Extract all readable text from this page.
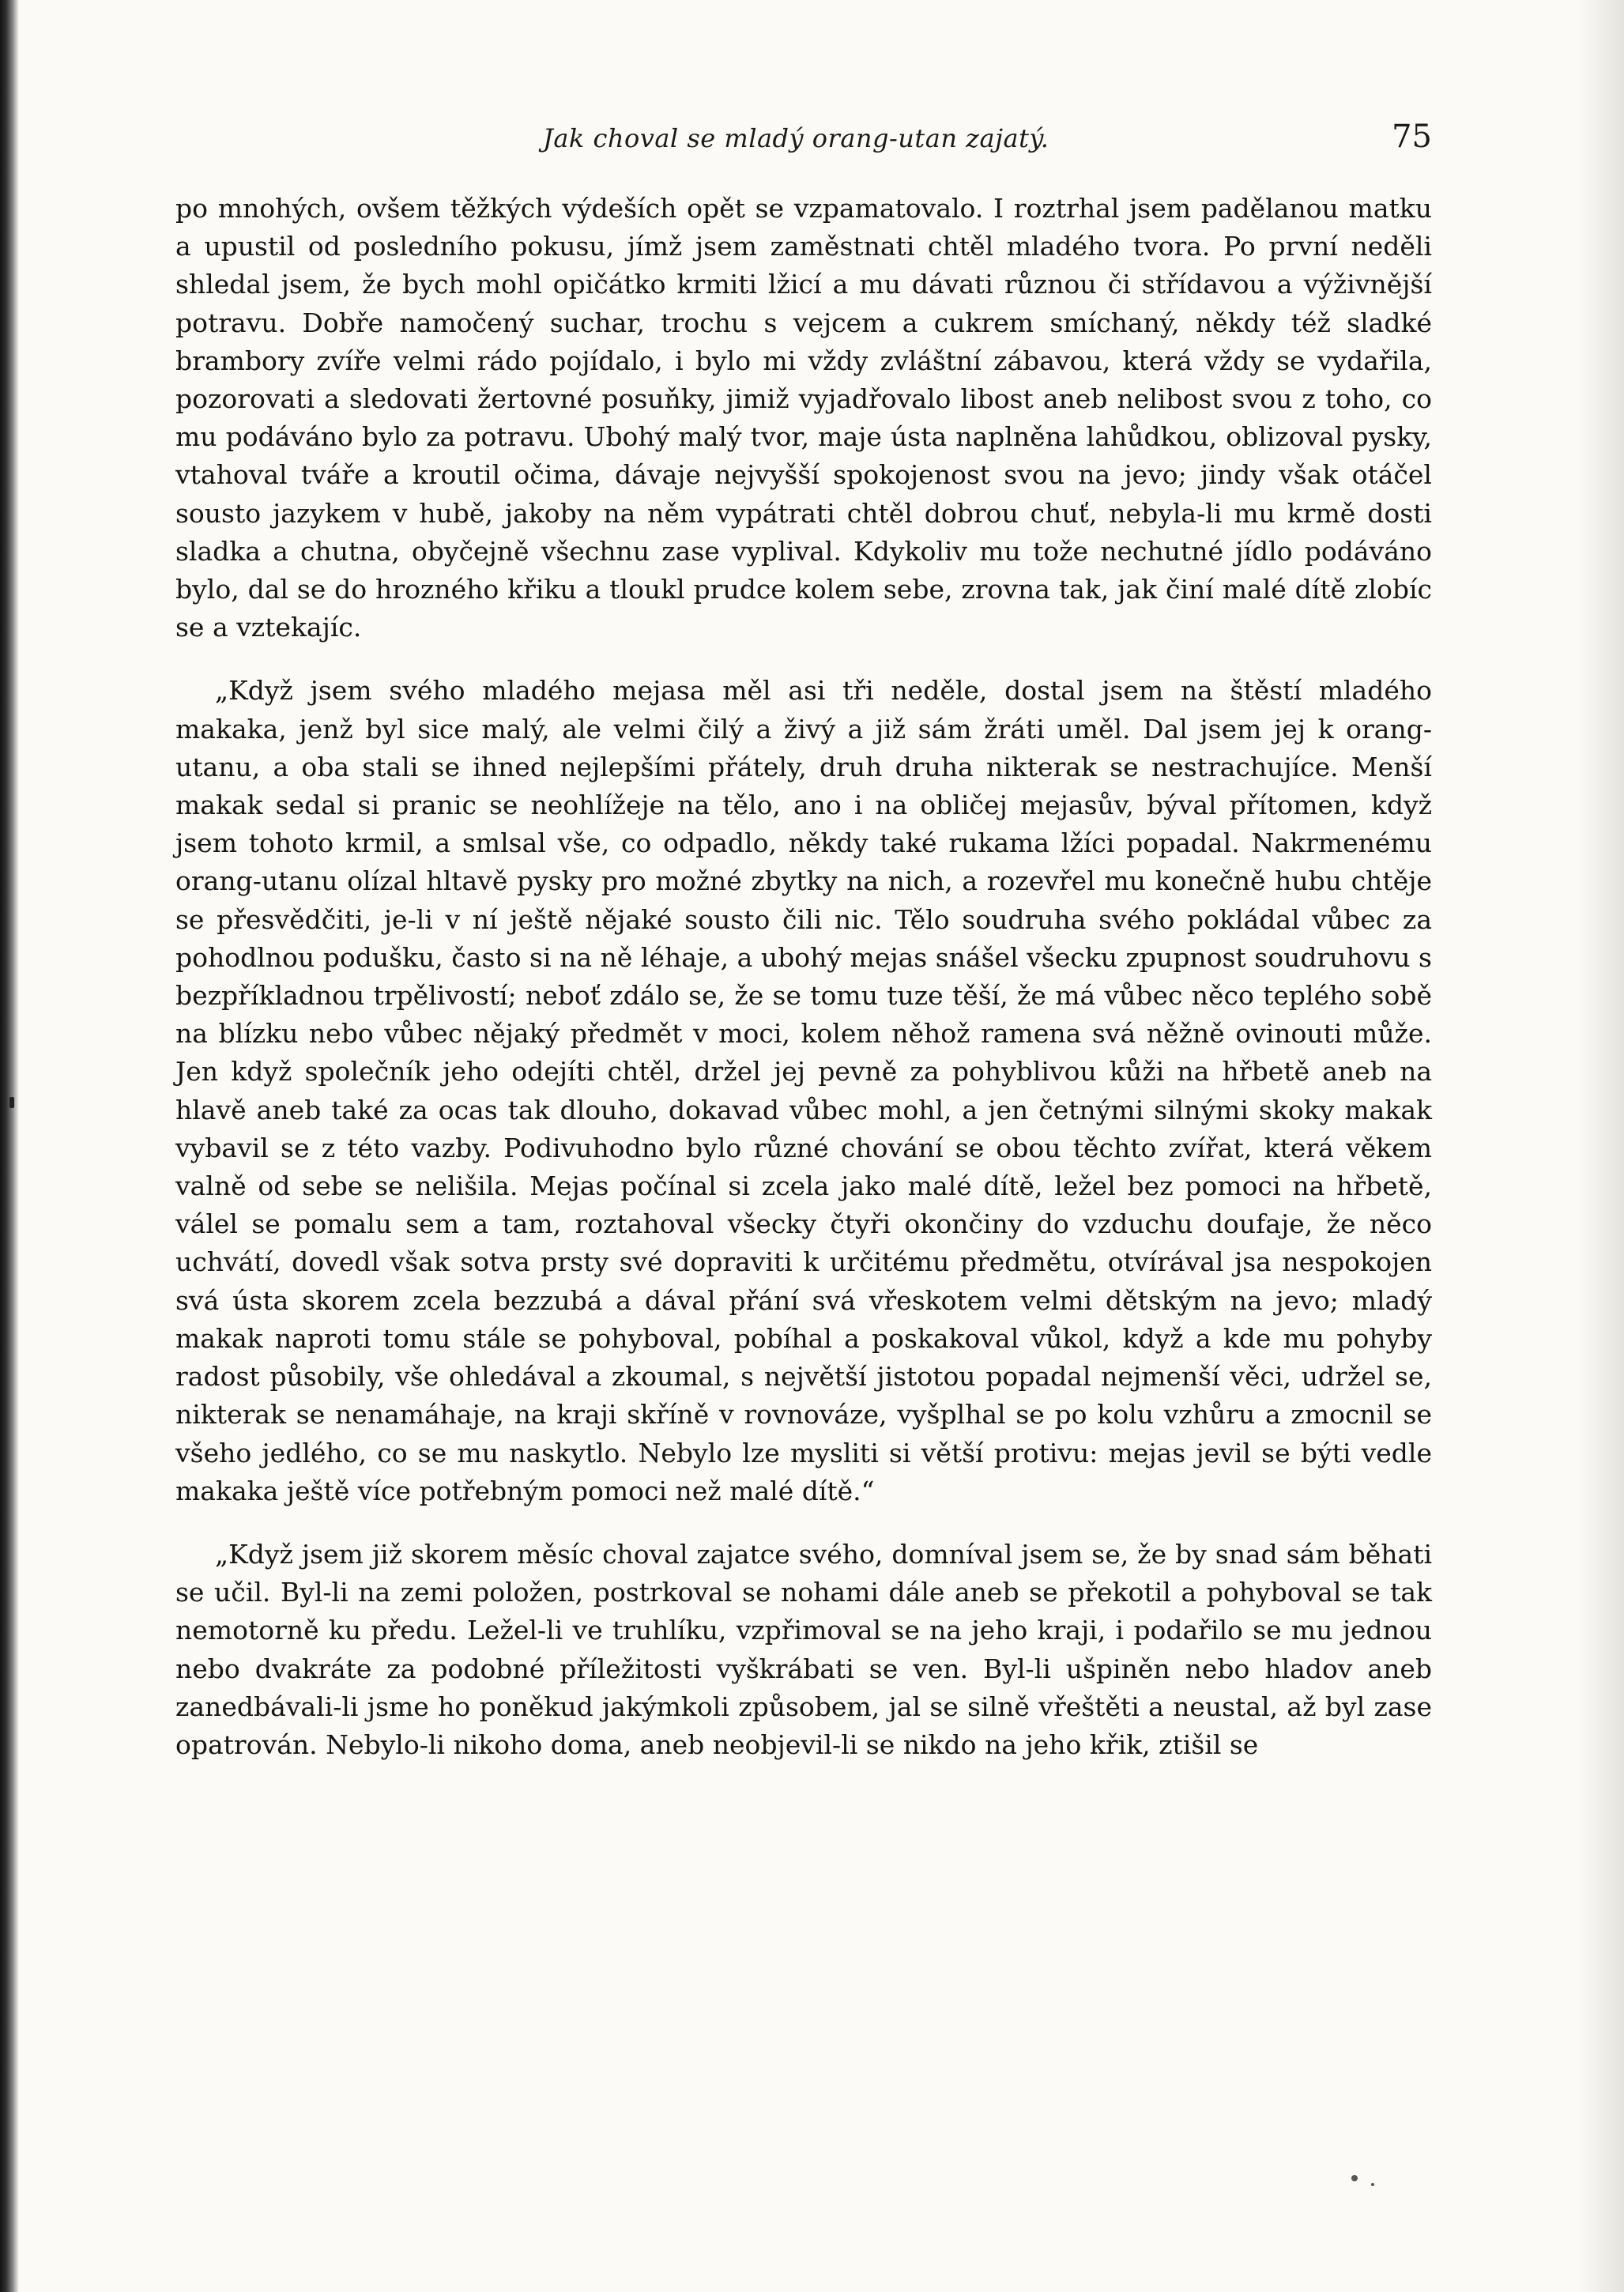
Jak choval se mladý orang-utan zajatý.	75

po mnohých, ovšem těžkých výdeších opět se vzpamatovalo. I roztrhal jsem padělanou matku a upustil od posledního pokusu, jímž jsem zaměstnati chtěl mladého tvora. Po první neděli shledal jsem, že bych mohl opičátko krmiti lžicí a mu dávati různou či střídavou a výživnější potravu. Dobře namočený suchar, trochu s vejcem a cukrem smíchaný, někdy též sladké brambory zvíře velmi rádo pojídalo, i bylo mi vždy zvláštní zábavou, která vždy se vydařila, pozorovati a sledovati žertovné posuňky, jimiž vyjadřovalo libost aneb nelibost svou z toho, co mu podáváno bylo za potravu. Ubohý malý tvor, maje ústa naplněna lahůdkou, oblizoval pysky, vtahoval tváře a kroutil očima, dávaje nejvyšší spokojenost svou na jevo; jindy však otáčel sousto jazykem v hubě, jakoby na něm vypátrati chtěl dobrou chuť, nebyla-li mu krmě dosti sladka a chutna, obyčejně všechnu zase vyplival. Kdykoliv mu tože nechutné jídlo podáváno bylo, dal se do hrozného křiku a tloukl prudce kolem sebe, zrovna tak, jak činí malé dítě zlobíc se a vztekajíc.

„Když jsem svého mladého mejasa měl asi tři neděle, dostal jsem na štěstí mladého makaka, jenž byl sice malý, ale velmi čilý a živý a již sám žráti uměl. Dal jsem jej k orang-utanu, a oba stali se ihned nejlepšími přátely, druh druha nikterak se nestrachujíce. Menší makak sedal si pranic se neohlížeje na tělo, ano i na obličej mejasův, býval přítomen, když jsem tohoto krmil, a smlsal vše, co odpadlo, někdy také rukama lžíci popadal. Nakrmenému orang-utanu olízal hltavě pysky pro možné zbytky na nich, a rozevřel mu konečně hubu chtěje se přesvědčiti, je-li v ní ještě nějaké sousto čili nic. Tělo soudruha svého pokládal vůbec za pohodlnou podušku, často si na ně léhaje, a ubohý mejas snášel všecku zpupnost soudruhovu s bezpříkladnou trpělivostí; neboť zdálo se, že se tomu tuze těší, že má vůbec něco teplého sobě na blízku nebo vůbec nějaký předmět v moci, kolem něhož ramena svá něžně ovinouti může. Jen když společník jeho odejíti chtěl, držel jej pevně za pohyblivou kůži na hřbetě aneb na hlavě aneb také za ocas tak dlouho, dokavad vůbec mohl, a jen četnými silnými skoky makak vybavil se z této vazby. Podivuhodno bylo různé chování se obou těchto zvířat, která věkem valně od sebe se nelišila. Mejas počínal si zcela jako malé dítě, ležel bez pomoci na hřbetě, válel se pomalu sem a tam, roztahoval všecky čtyři okončiny do vzduchu doufaje, že něco uchvátí, dovedl však sotva prsty své dopraviti k určitému předmětu, otvírával jsa nespokojen svá ústa skorem zcela bezzubá a dával přání svá vřeskotem velmi dětským na jevo; mladý makak naproti tomu stále se pohyboval, pobíhal a poskakoval vůkol, když a kde mu pohyby radost působily, vše ohledával a zkoumal, s největší jistotou popadal nejmenší věci, udržel se, nikterak se nenamáhaje, na kraji skříně v rovnováze, vyšplhal se po kolu vzhůru a zmocnil se všeho jedlého, co se mu naskytlo. Nebylo lze mysliti si větší protivu: mejas jevil se býti vedle makaka ještě více potřebným pomoci než malé dítě.“

„Když jsem již skorem měsíc choval zajatce svého, domníval jsem se, že by snad sám běhati se učil. Byl-li na zemi položen, postrkoval se nohami dále aneb se překotil a pohyboval se tak nemotorně ku předu. Ležel-li ve truhlíku, vzpřimoval se na jeho kraji, i podařilo se mu jednou nebo dvakráte za podobné příležitosti vyškrábati se ven. Byl-li ušpiněn nebo hladov aneb zanedbávali-li jsme ho poněkud jakýmkoli způsobem, jal se silně vřeštěti a neustal, až byl zase opatrován. Nebylo-li nikoho doma, aneb neobjevil-li se nikdo na jeho křik, ztišil se
